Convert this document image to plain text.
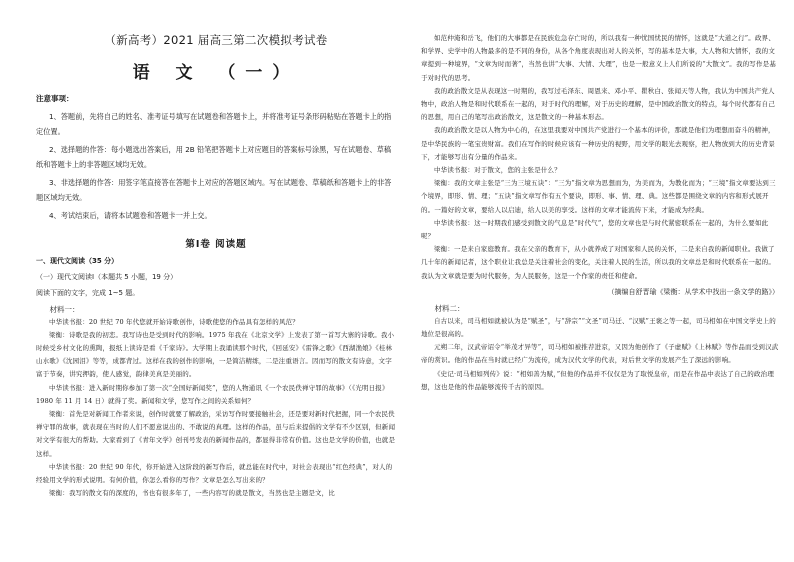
（新高考）2021 届高三第二次模拟考试卷
语 文 （一）
注意事项：
1、答题前，先将自己的姓名、准考证号填写在试题卷和答题卡上，并将准考证号条形码粘贴在答题卡上的指定位置。
2、选择题的作答：每小题选出答案后，用 2B 铅笔把答题卡上对应题目的答案标号涂黑，写在试题卷、草稿纸和答题卡上的非答题区域均无效。
3、非选择题的作答：用签字笔直接答在答题卡上对应的答题区域内。写在试题卷、草稿纸和答题卡上的非答题区域均无效。
4、考试结束后，请将本试题卷和答题卡一并上交。
第Ⅰ卷 阅读题
一、现代文阅读（35 分）
（一）现代文阅读Ⅰ（本题共 5 小题，19 分）
阅读下面的文字，完成 1~5 题。
材料一：
中华读书报：20 世纪 70 年代您就开始诗歌创作，诗歌使您的作品具有怎样的风范？
梁衡：诗歌是我的初恋。我写诗也是受到时代的影响。1975 年我在《北京文学》上发表了第一首写大寨的诗歌。我小时候受乡村文化的熏陶，报纸上读诗是看《千家诗》。大学期上我诵读那个时代，《回延安》《雷锋之歌》《西湖渔娘》《桂林山水歌》《沈园泪》等等，成都背过。这样在我的创作的影响，一是简洁精练，二是注重语言。因而写的散文有诗意，文字富于节奏，讲究押韵，使人感觉，韵律美真是美丽的。
中华读书报：进入新时期你参加了第一次“全国好新闻奖”，您的人物通讯《一个农民佚禅守罪的故事》（《光明日报》1980 年 11 月 14 日）就得了奖。新闻和文学，您写作之间的关系如何？
梁衡：首先是对新闻工作者来说，创作时就要了解政治，采访写作时要接触社会，还是要对新时代把握，同一个农民佚禅守罪的故事，就表现在当时的人们不愿意说出的、不敢说的真理。这样的作品，虽与后来提倡的文学有不少区别，但新闻对文学有很大的帮助。大家看到了《青年文学》创刊号发表的新闻作品的，都显得非常有价值。这也是文学的价值，也就是这样。
中华读书报：20 世纪 90 年代，你开始进入这阶段的新写作后，就总能在时代中，对社会表现出“红色经典”，对人的经验用文学的形式说明。有何价值，你怎么看你的写作？文章是怎么写出来的？
梁衡：我写的散文有的深度的，书也有很多年了，一些内容写的就是散文，当然也是主题是文，比
如范仲淹和岳飞，他们的大事都是在民族危急存亡时的，所以我有一种忧国忧民的情怀，这就是“大道之行”。政界、和学界、史学中的人物最多的是不同的身份，从各个角度表现出对人的关怀，写的基本是大事，大人物和大情怀，我的文章提到一种境界，“文章为时而著”，当然也讲“大事、大情、大理”，也是一般意义上人们所说的“大散文”。我的写作是基于对时代的思考。
我的政治散文是从表现这一时期的，我写过毛泽东、周恩来、邓小平、瞿秋白、张闻天等人物，我认为中国共产党人物中，政治人物是和时代联系在一起的，对于时代的理解，对于历史的理解，是中国政治散文的特点，每个时代都有自己的思想，用自己的笔写出政治散文，这是散文的一种基本形态。
我的政治散文是以人物为中心的，在这里我要对中国共产党进行一个基本的评价，那就是他们为理想而奋斗的精神，是中华民族的一笔宝贵财富。我们在写作的时候应该有一种历史的视野，用文学的眼光去观察，把人物放到大的历史背景下，才能够写出有分量的作品来。
中华读书报：对于散文，您的主张是什么？
梁衡：我的文章主张是“三为三境五诀”：“三为”指文章为思想而为，为美而为，为教化而为；“三境”指文章要达到三个境界，即形、情、理；“五诀”指文章写作有五个要诀，即形、事、情、理、典。这些都是围绕文章的内容和形式展开的。一篇好的文章，要给人以启迪，给人以美的享受。这样的文章才能流传下来，才能成为经典。
中华读书报：这一时期我们感受到散文的气息是“时代气”，您的文章也是与时代紧密联系在一起的，为什么要如此呢？
梁衡：一是来自家庭教育。我在父亲的教育下，从小就养成了对国家和人民的关怀，二是来自我的新闻职业。我做了几十年的新闻记者，这个职业让我总是关注着社会的变化，关注着人民的生活，所以我的文章总是和时代联系在一起的。我认为文章就是要为时代服务，为人民服务，这是一个作家的责任和使命。
（摘编自舒晋瑜《梁衡：从学术中找出一条文学的路》）
材料二：
自古以来，司马相如就被认为是“赋圣”，与“辞宗”“文圣”司马迁、“汉赋”王褒之等一起，司马相如在中国文学史上的地位是很高的。
元朔二年，汉武帝诏令“举茂才异等”，司马相如被推荐进京，又因为他创作了《子虚赋》《上林赋》等作品而受到汉武帝的赏识。他的作品在当时就已经广为流传，成为汉代文学的代表，对后世文学的发展产生了深远的影响。
《史记·司马相如列传》说：“相如善为赋，”但他的作品并不仅仅是为了取悦皇帝，而是在作品中表达了自己的政治理想，这也是他的作品能够流传千古的原因。
